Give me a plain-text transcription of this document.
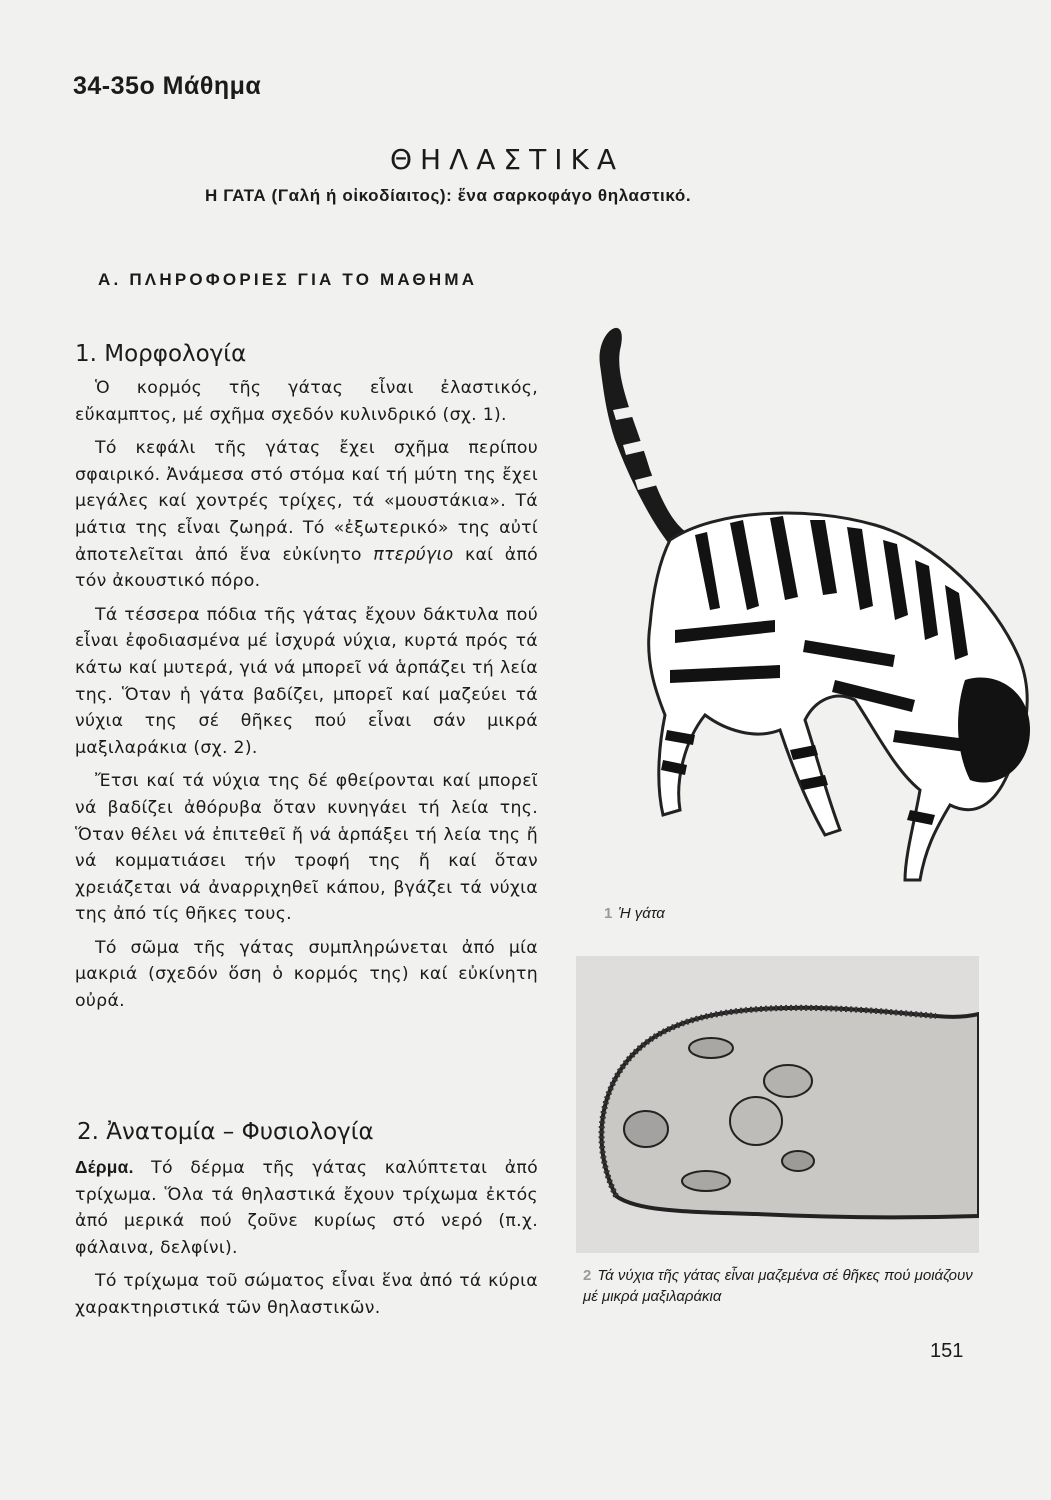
34-35ο Μάθημα
ΘΗΛΑΣΤΙΚΑ
Η ΓΑΤΑ (Γαλή ή οἰκοδίαιτος): ἕνα σαρκοφάγο θηλαστικό.
Α. ΠΛΗΡΟΦΟΡΙΕΣ ΓΙΑ ΤΟ ΜΑΘΗΜΑ
1. Μορφολογία

Ὁ κορμός τῆς γάτας εἶναι ἐλαστικός, εὔκαμπτος, μέ σχῆμα σχεδόν κυλινδρικό (σχ. 1).

Τό κεφάλι τῆς γάτας ἔχει σχῆμα περίπου σφαιρικό. Ἀνάμεσα στό στόμα καί τή μύτη της ἔχει μεγάλες καί χοντρές τρίχες, τά «μουστάκια». Τά μάτια της εἶναι ζωηρά. Τό «ἐξωτερικό» της αὐτί ἀποτελεῖται ἀπό ἕνα εὐκίνητο πτερύγιο καί ἀπό τόν ἀκουστικό πόρο.

Τά τέσσερα πόδια τῆς γάτας ἔχουν δάκτυλα πού εἶναι ἐφοδιασμένα μέ ἰσχυρά νύχια, κυρτά πρός τά κάτω καί μυτερά, γιά νά μπορεῖ νά ἁρπάζει τή λεία της. Ὅταν ἡ γάτα βαδίζει, μπορεῖ καί μαζεύει τά νύχια της σέ θῆκες πού εἶναι σάν μικρά μαξιλαράκια (σχ. 2).

Ἔτσι καί τά νύχια της δέ φθείρονται καί μπορεῖ νά βαδίζει ἀθόρυβα ὅταν κυνηγάει τή λεία της. Ὅταν θέλει νά ἐπιτεθεῖ ἤ νά ἁρπάξει τή λεία της ἤ νά κομματιάσει τήν τροφή της ἤ καί ὅταν χρειάζεται νά ἀναρριχηθεῖ κάπου, βγάζει τά νύχια της ἀπό τίς θῆκες τους.

Τό σῶμα τῆς γάτας συμπληρώνεται ἀπό μία μακριά (σχεδόν ὅση ὁ κορμός της) καί εὐκίνητη οὐρά.

2. Ἀνατομία – Φυσιολογία

Δέρμα. Τό δέρμα τῆς γάτας καλύπτεται ἀπό τρίχωμα. Ὅλα τά θηλαστικά ἔχουν τρίχωμα ἐκτός ἀπό μερικά πού ζοῦνε κυρίως στό νερό (π.χ. φάλαινα, δελφίνι).

Τό τρίχωμα τοῦ σώματος εἶναι ἕνα ἀπό τά κύρια χαρακτηριστικά τῶν θηλαστικῶν.

1 Ἡ γάτα
2 Τά νύχια τῆς γάτας εἶναι μαζεμένα σέ θῆκες πού μοιάζουν μέ μικρά μαξιλαράκια
151
